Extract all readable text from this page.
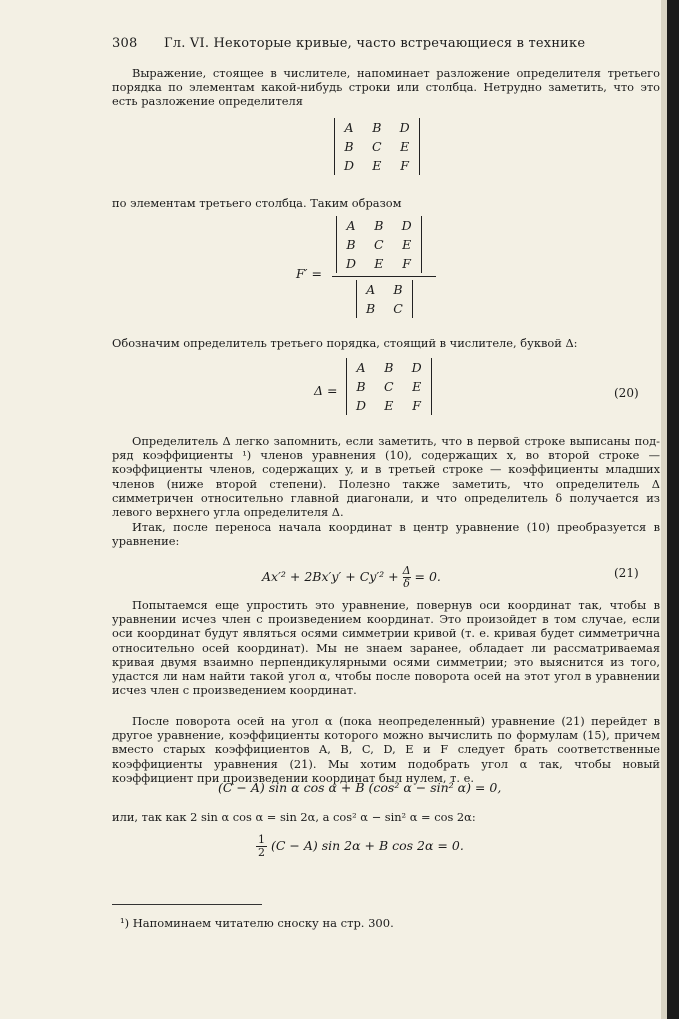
308 Гл. VI. Некоторые кривые, часто встречающиеся в технике
Выражение, стоящее в числителе, напоминает разложение определителя третьего порядка по элементам какой-нибудь строки или столбца. Нетрудно заметить, что это есть разложение определителя
A	B	D
B	C	E
D	E	F
по элементам третьего столбца. Таким образом
F′ =
A	B	D
B	C	E
D	E	F
A	B
B	C
Обозначим определитель третьего порядка, стоящий в числителе, буквой Δ:
Δ =
A	B	D
B	C	E
D	E	F
(20)
Определитель Δ легко запомнить, если заметить, что в первой строке выписаны под-ряд коэффициенты ¹) членов уравнения (10), содержащих x, во второй строке — коэффициенты членов, содержащих y, и в третьей строке — коэффициенты младших членов (ниже второй степени). Полезно также заметить, что определитель Δ симметричен относительно главной диагонали, и что определитель δ получается из левого верхнего угла определителя Δ.
Итак, после переноса начала координат в центр уравнение (10) преобразуется в уравнение:
$Ax'^2 + 2Bx'y' + Cy'^2 + \frac{\Delta}{\delta} = 0$.	(21)
Попытаемся еще упростить это уравнение, повернув оси координат так, чтобы в уравнении исчез член с произведением координат. Это произойдет в том случае, если оси координат будут являться осями симметрии кривой (т. е. кривая будет симметрична относительно осей координат). Мы не знаем заранее, обладает ли рассматриваемая кривая двумя взаимно перпендикулярными осями симметрии; это выяснится из того, удастся ли нам найти такой угол α, чтобы после поворота осей на этот угол в уравнении исчез член с произведением координат.
После поворота осей на угол α (пока неопределенный) уравнение (21) перейдет в другое уравнение, коэффициенты которого можно вычислить по формулам (15), причем вместо старых коэффициентов A, B, C, D, E и F следует брать соответственные коэффициенты уравнения (21). Мы хотим подобрать угол α так, чтобы новый коэффициент при произведении координат был нулем, т. е.
(C − A) sin α cos α + B (cos² α − sin² α) = 0,
или, так как 2 sin α cos α = sin 2α, а cos² α − sin² α = cos 2α:
$\frac{1}{2} (C - A)$ sin 2α + B cos 2α = 0.
¹) Напоминаем читателю сноску на стр. 300.
